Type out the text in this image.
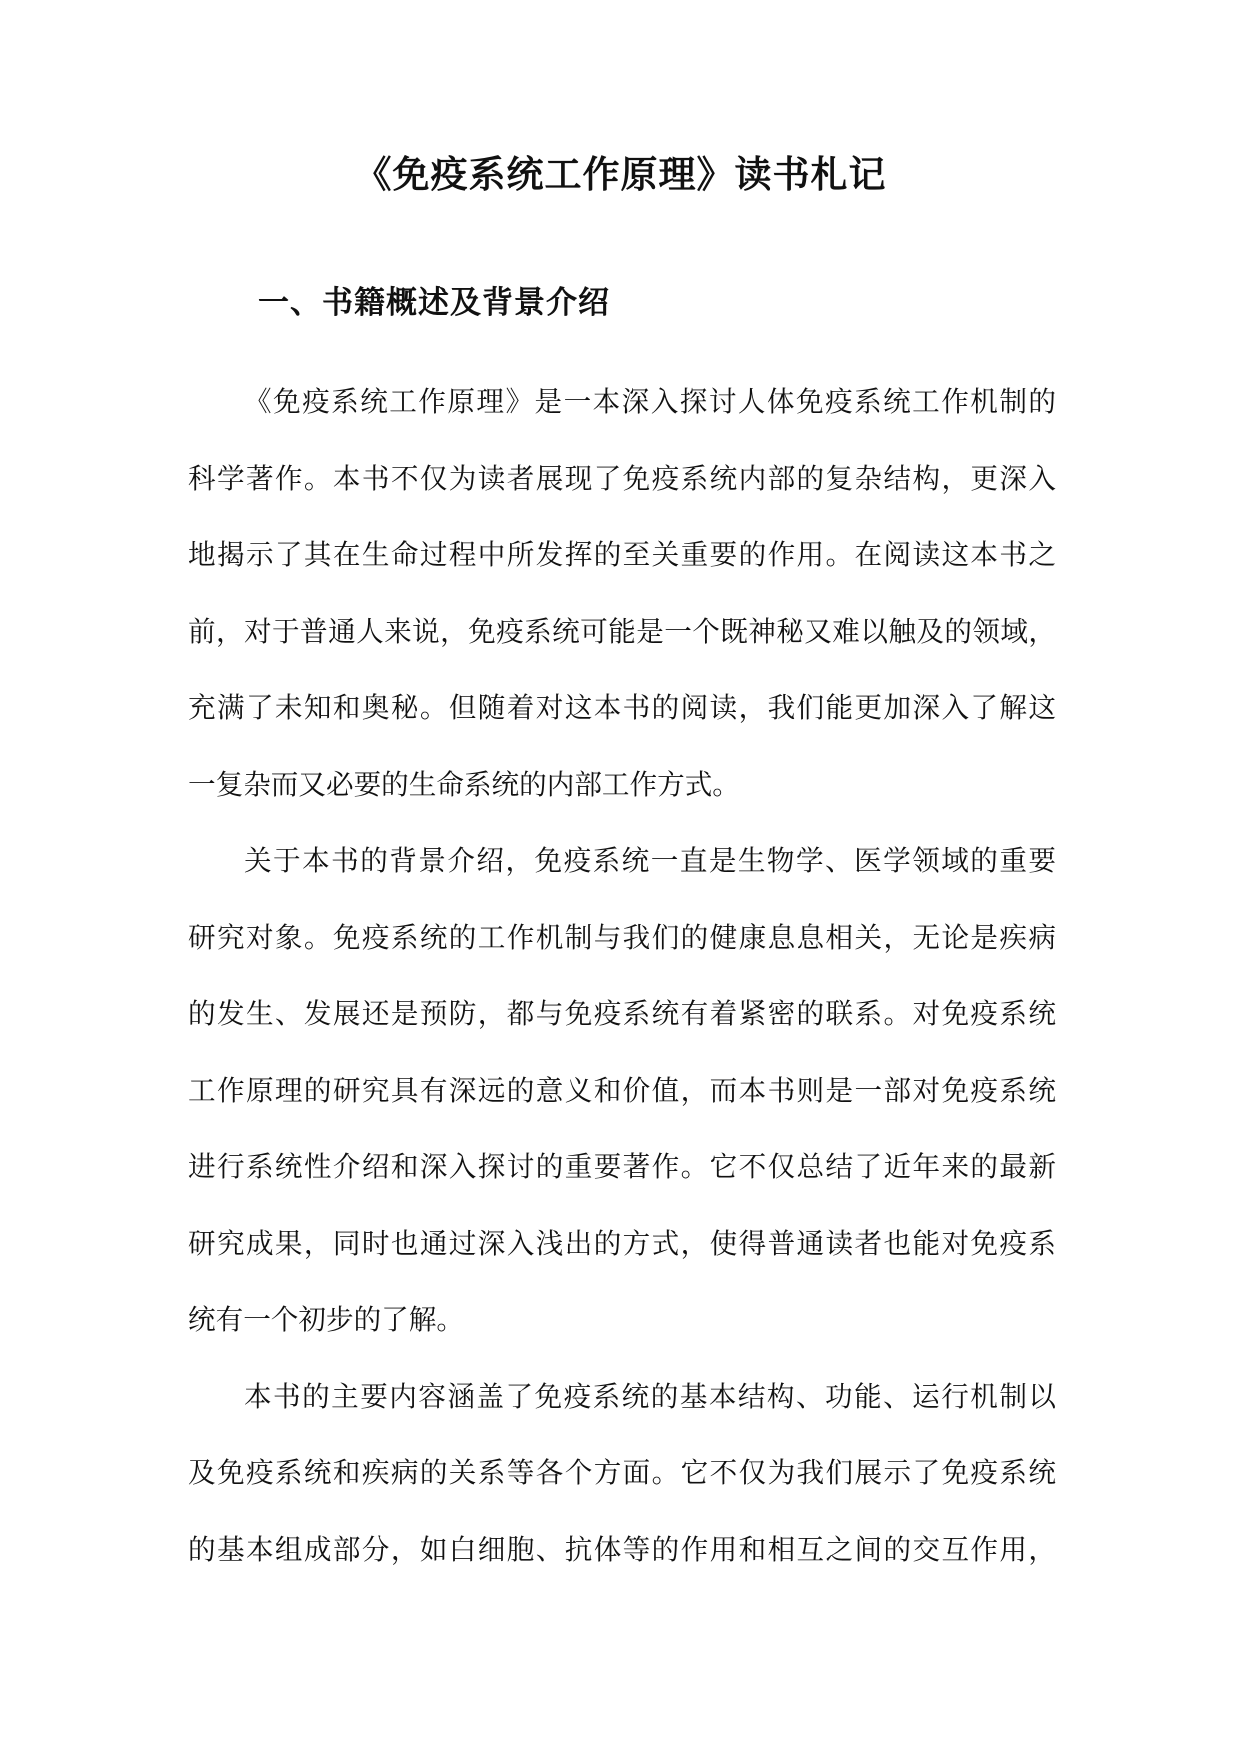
《免疫系统工作原理》读书札记
一、书籍概述及背景介绍
《免疫系统工作原理》是一本深入探讨人体免疫系统工作机制的
科学著作。本书不仅为读者展现了免疫系统内部的复杂结构，更深入
地揭示了其在生命过程中所发挥的至关重要的作用。在阅读这本书之
前，对于普通人来说，免疫系统可能是一个既神秘又难以触及的领域，
充满了未知和奥秘。但随着对这本书的阅读，我们能更加深入了解这
一复杂而又必要的生命系统的内部工作方式。
关于本书的背景介绍，免疫系统一直是生物学、医学领域的重要
研究对象。免疫系统的工作机制与我们的健康息息相关，无论是疾病
的发生、发展还是预防，都与免疫系统有着紧密的联系。对免疫系统
工作原理的研究具有深远的意义和价值，而本书则是一部对免疫系统
进行系统性介绍和深入探讨的重要著作。它不仅总结了近年来的最新
研究成果，同时也通过深入浅出的方式，使得普通读者也能对免疫系
统有一个初步的了解。
本书的主要内容涵盖了免疫系统的基本结构、功能、运行机制以
及免疫系统和疾病的关系等各个方面。它不仅为我们展示了免疫系统
的基本组成部分，如白细胞、抗体等的作用和相互之间的交互作用，
